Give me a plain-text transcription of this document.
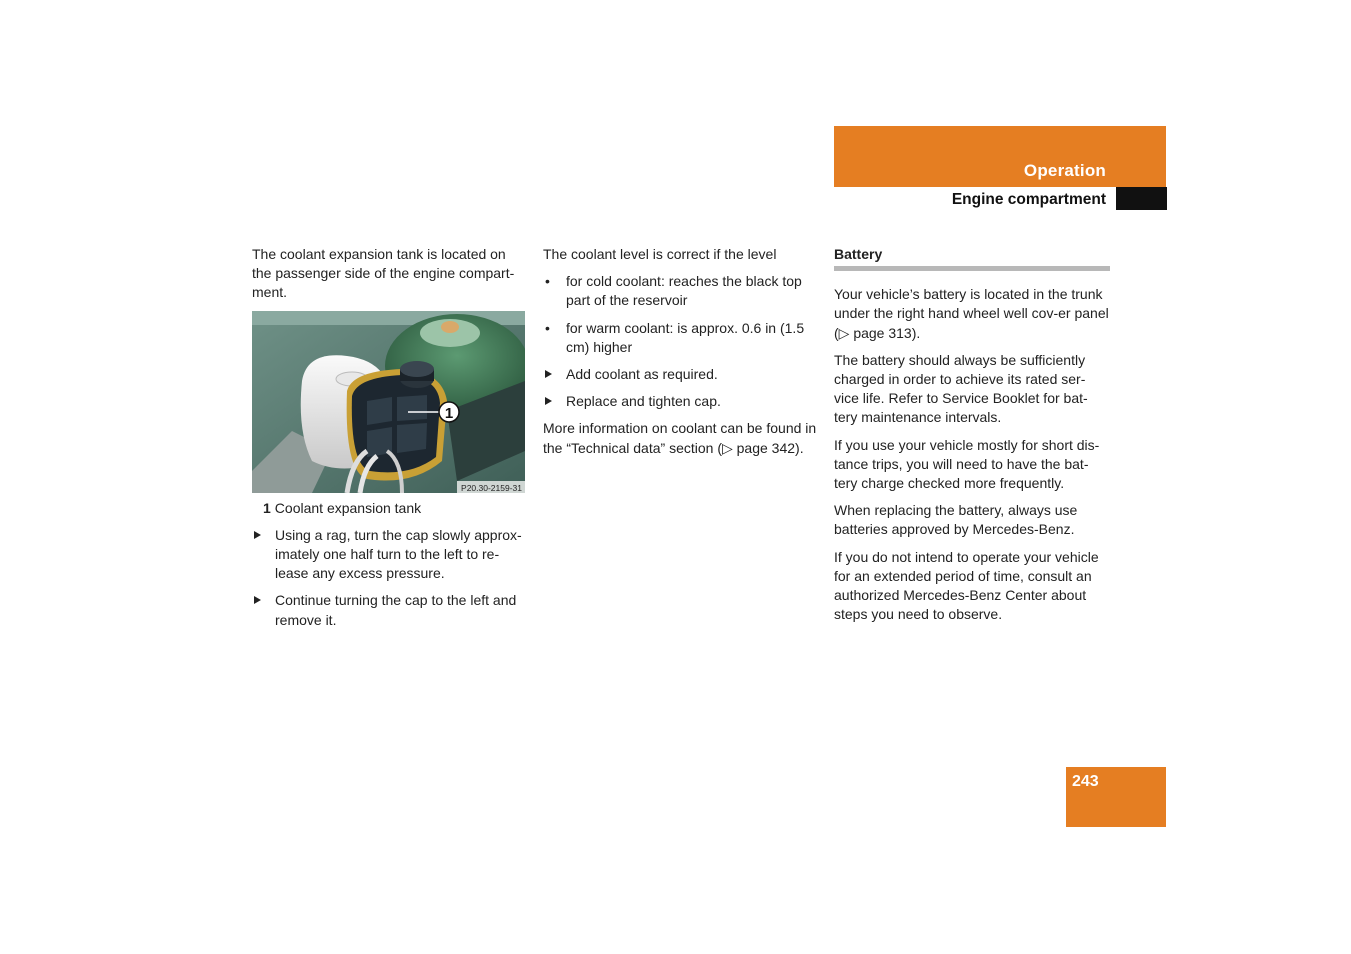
Operation
Engine compartment

The coolant expansion tank is located on the passenger side of the engine compart-ment.

1
P20.30-2159-31

1 Coolant expansion tank

Using a rag, turn the cap slowly approx-imately one half turn to the left to re-lease any excess pressure.
Continue turning the cap to the left and remove it.

The coolant level is correct if the level

• for cold coolant: reaches the black top part of the reservoir
• for warm coolant: is approx. 0.6 in (1.5 cm) higher
Add coolant as required.
Replace and tighten cap.

More information on coolant can be found in the “Technical data” section (▷ page 342).

Battery

Your vehicle’s battery is located in the trunk under the right hand wheel well cov-er panel (▷ page 313).

The battery should always be sufficiently charged in order to achieve its rated ser-vice life. Refer to Service Booklet for bat-tery maintenance intervals.

If you use your vehicle mostly for short dis-tance trips, you will need to have the bat-tery charge checked more frequently.

When replacing the battery, always use batteries approved by Mercedes-Benz.

If you do not intend to operate your vehicle for an extended period of time, consult an authorized Mercedes-Benz Center about steps you need to observe.

243
